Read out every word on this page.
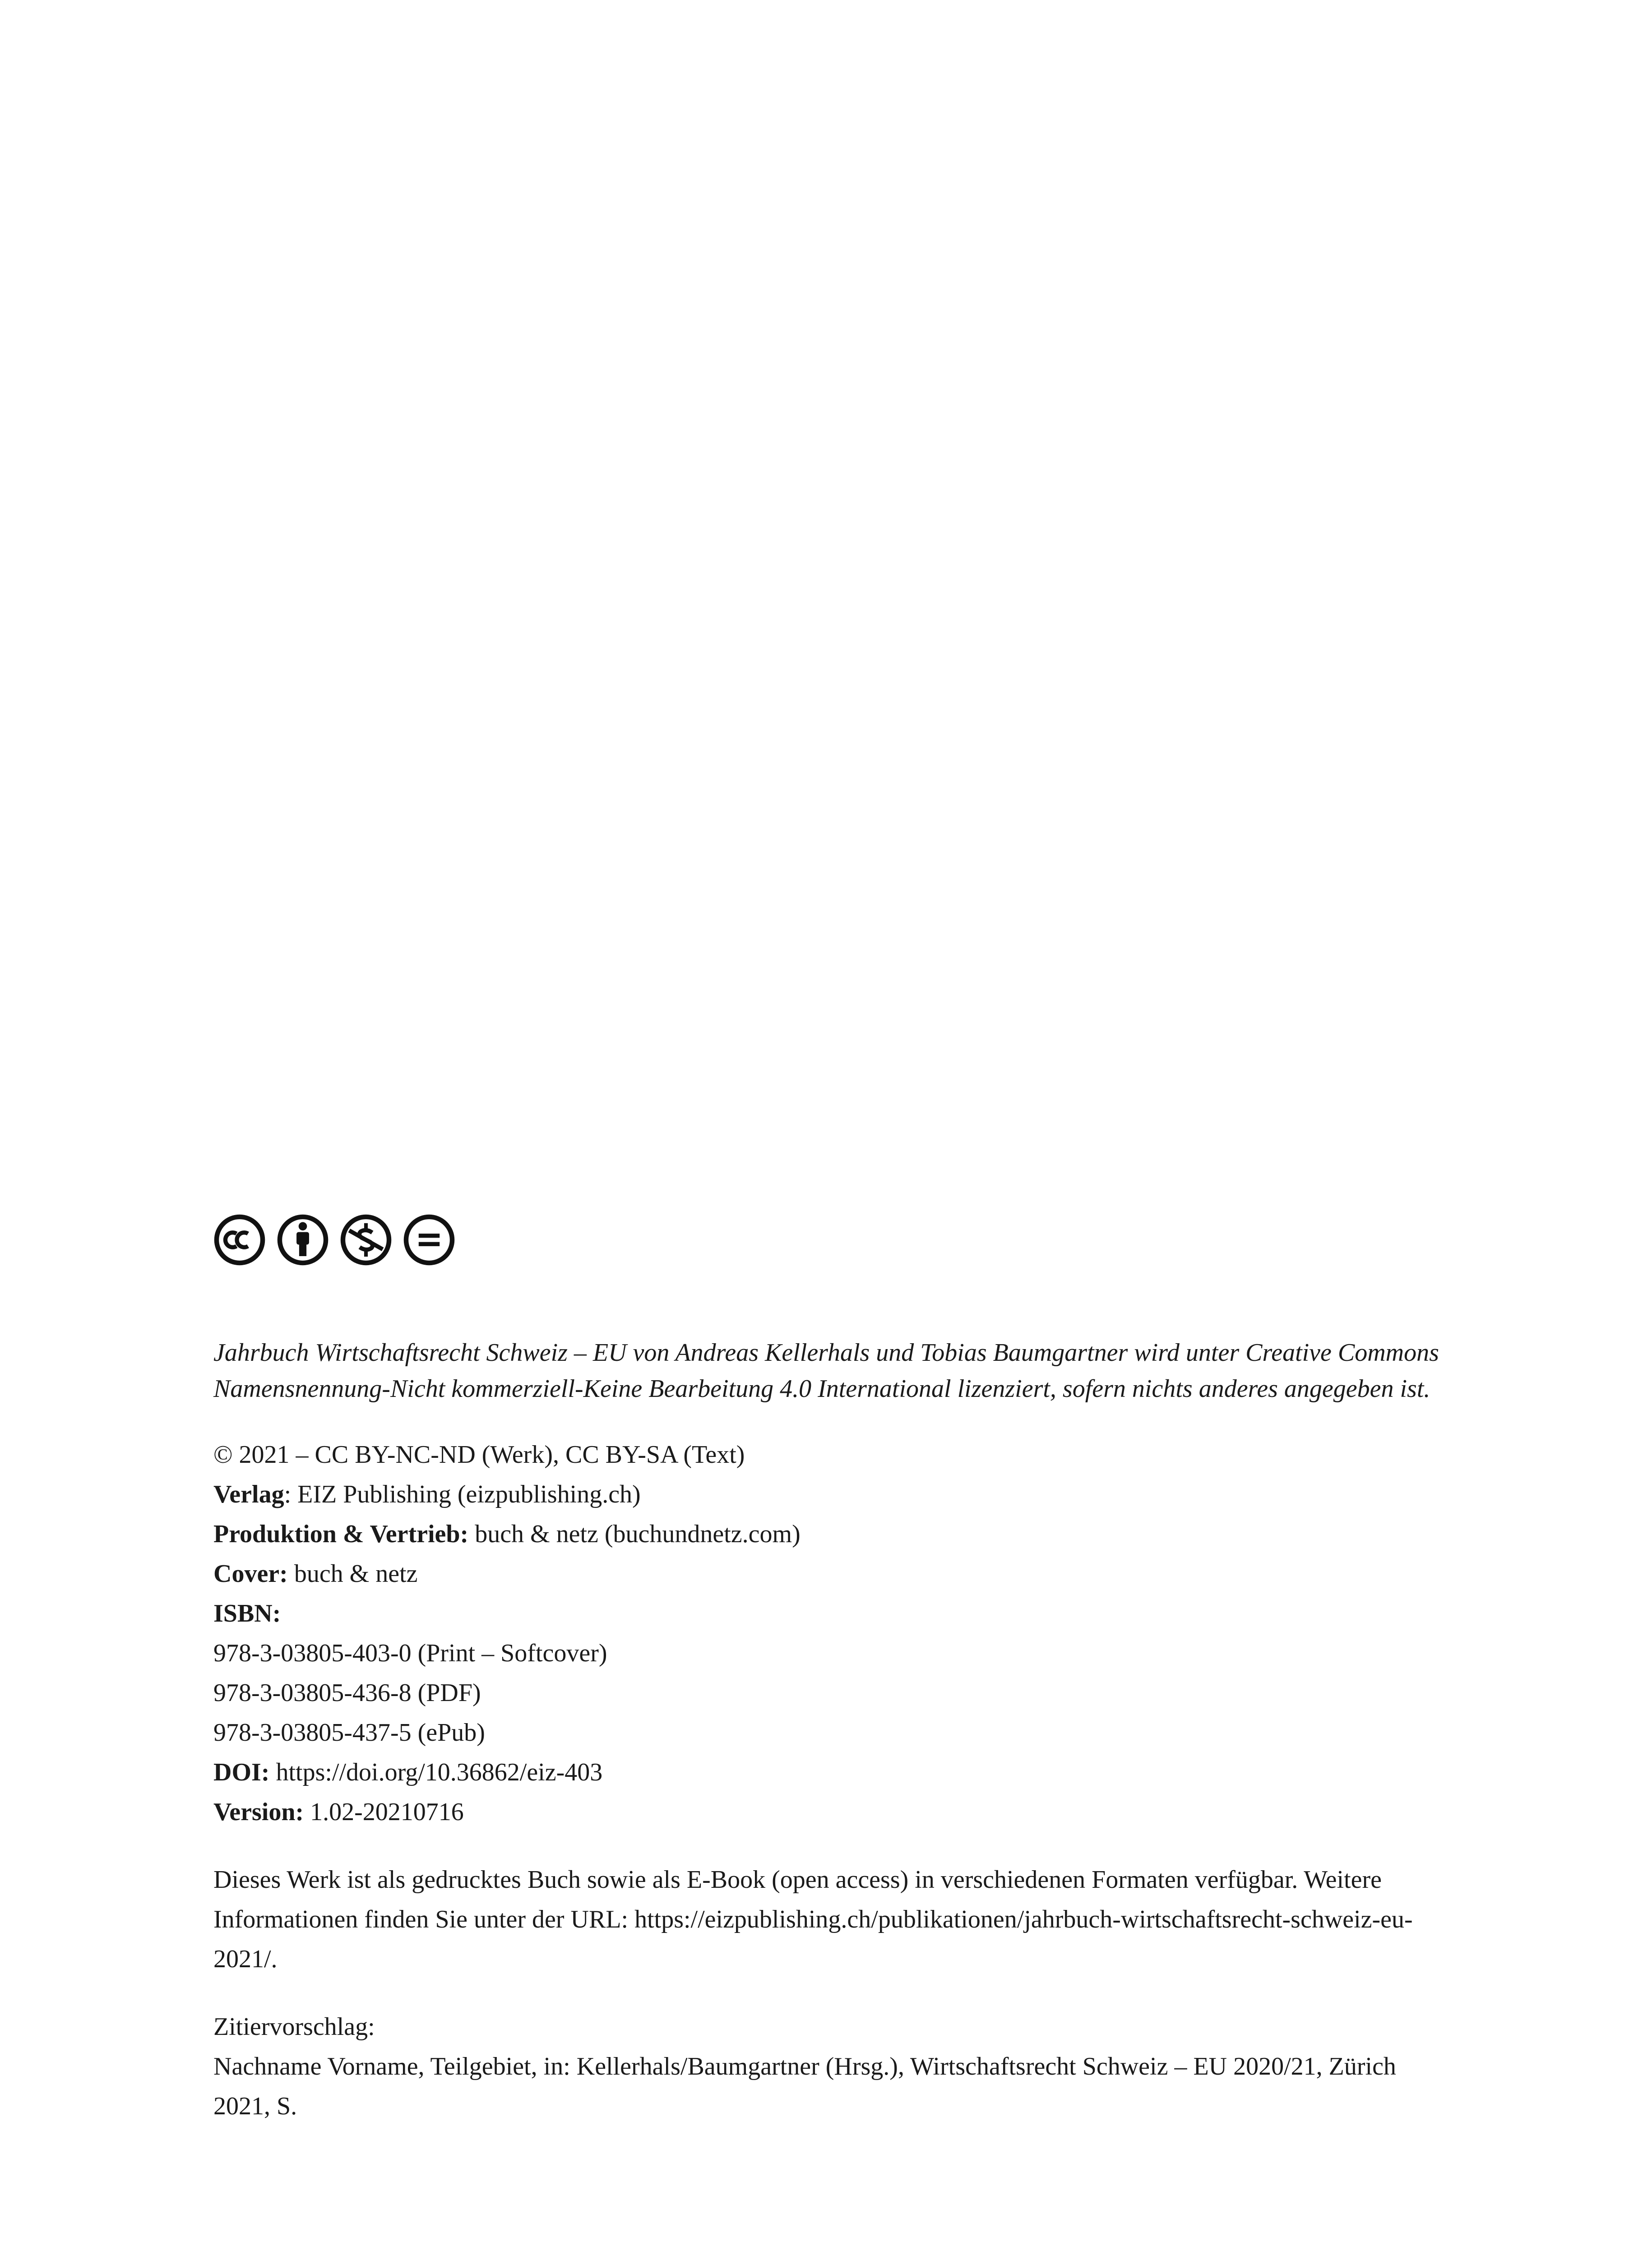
Jahrbuch Wirtschaftsrecht Schweiz – EU von Andreas Kellerhals und Tobias Baumgartner wird unter Creative Commons Namensnennung-Nicht kommerziell-Keine Bearbeitung 4.0 International lizenziert, sofern nichts anderes angegeben ist.

© 2021 – CC BY-NC-ND (Werk), CC BY-SA (Text)

Verlag: EIZ Publishing (eizpublishing.ch)

Produktion & Vertrieb: buch & netz (buchundnetz.com)

Cover: buch & netz

ISBN:

978-3-03805-403-0 (Print – Softcover)

978-3-03805-436-8 (PDF)

978-3-03805-437-5 (ePub)

DOI: https://doi.org/10.36862/eiz-403

Version: 1.02-20210716

Dieses Werk ist als gedrucktes Buch sowie als E-Book (open access) in verschiedenen Formaten verfügbar. Weitere Informationen finden Sie unter der URL: https://eizpublishing.ch/publikationen/jahrbuch-wirtschaftsrecht-schweiz-eu-2021/.

Zitiervorschlag:

Nachname Vorname, Teilgebiet, in: Kellerhals/Baumgartner (Hrsg.), Wirtschaftsrecht Schweiz – EU 2020/21, Zürich 2021, S.
